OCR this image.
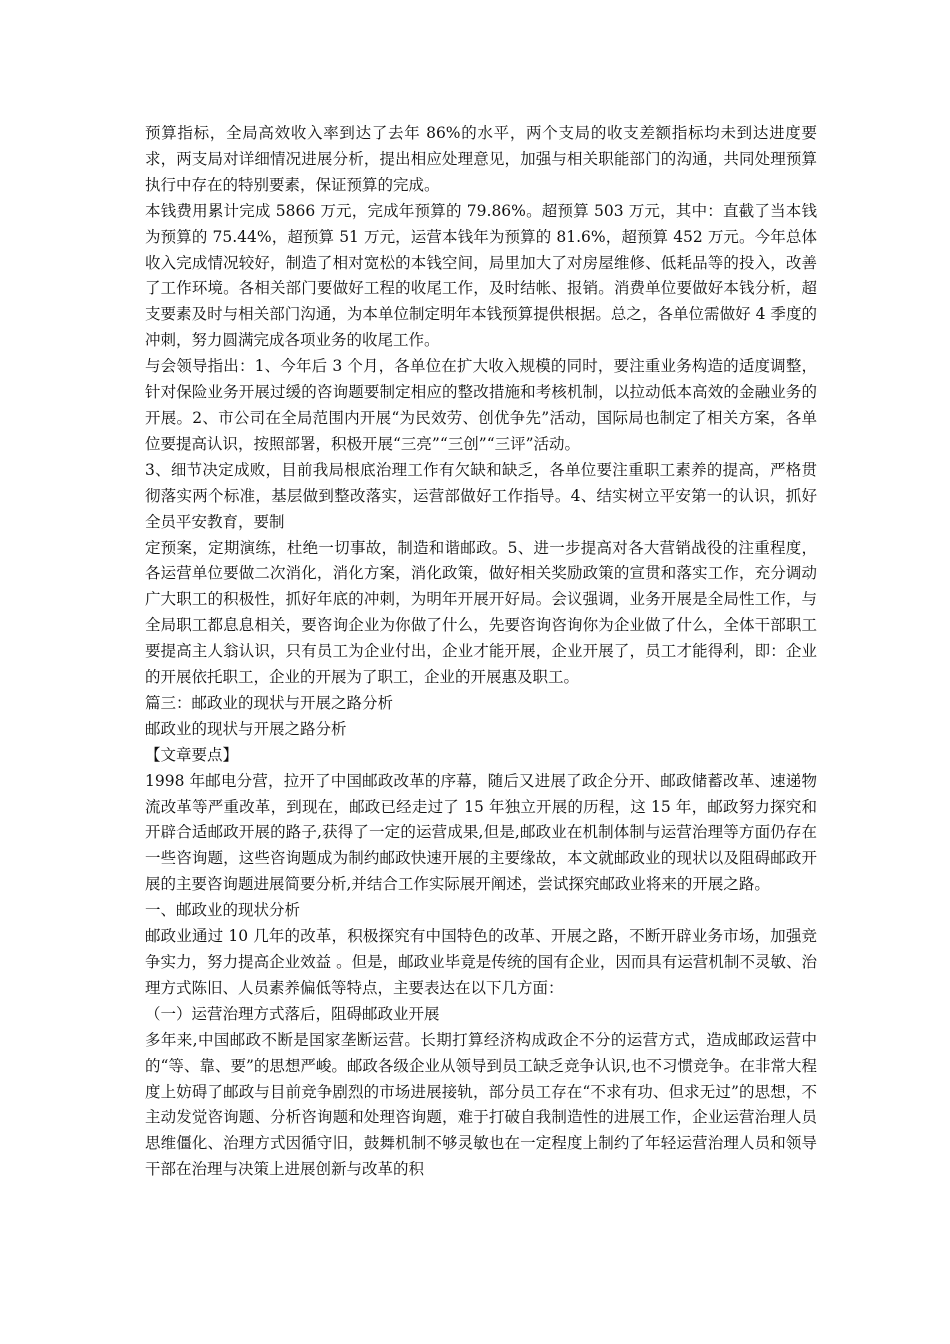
预算指标，全局高效收入率到达了去年 86%的水平，两个支局的收支差额指标均未到达进度要求，两支局对详细情况进展分析，提出相应处理意见，加强与相关职能部门的沟通，共同处理预算执行中存在的特别要素，保证预算的完成。

本钱费用累计完成 5866 万元，完成年预算的 79.86%。超预算 503 万元，其中：直截了当本钱为预算的 75.44%，超预算 51 万元，运营本钱年为预算的 81.6%，超预算 452 万元。今年总体收入完成情况较好，制造了相对宽松的本钱空间，局里加大了对房屋维修、低耗品等的投入，改善了工作环境。各相关部门要做好工程的收尾工作，及时结帐、报销。消费单位要做好本钱分析，超支要素及时与相关部门沟通，为本单位制定明年本钱预算提供根据。总之，各单位需做好 4 季度的冲刺，努力圆满完成各项业务的收尾工作。

与会领导指出：1、今年后 3 个月，各单位在扩大收入规模的同时，要注重业务构造的适度调整，针对保险业务开展过缓的咨询题要制定相应的整改措施和考核机制，以拉动低本高效的金融业务的开展。2、市公司在全局范围内开展“为民效劳、创优争先”活动，国际局也制定了相关方案，各单位要提高认识，按照部署，积极开展“三亮”“三创”“三评”活动。

3、细节决定成败，目前我局根底治理工作有欠缺和缺乏，各单位要注重职工素养的提高，严格贯彻落实两个标准，基层做到整改落实，运营部做好工作指导。4、结实树立平安第一的认识，抓好全员平安教育，要制

定预案，定期演练，杜绝一切事故，制造和谐邮政。5、进一步提高对各大营销战役的注重程度，各运营单位要做二次消化，消化方案，消化政策，做好相关奖励政策的宣贯和落实工作，充分调动广大职工的积极性，抓好年底的冲刺，为明年开展开好局。会议强调，业务开展是全局性工作，与全局职工都息息相关，要咨询企业为你做了什么，先要咨询咨询你为企业做了什么，全体干部职工要提高主人翁认识，只有员工为企业付出，企业才能开展，企业开展了，员工才能得利，即：企业的开展依托职工，企业的开展为了职工，企业的开展惠及职工。

篇三：邮政业的现状与开展之路分析

邮政业的现状与开展之路分析

【文章要点】

1998 年邮电分营，拉开了中国邮政改革的序幕，随后又进展了政企分开、邮政储蓄改革、速递物流改革等严重改革，到现在，邮政已经走过了 15 年独立开展的历程，这 15 年，邮政努力探究和开辟合适邮政开展的路子,获得了一定的运营成果,但是,邮政业在机制体制与运营治理等方面仍存在一些咨询题，这些咨询题成为制约邮政快速开展的主要缘故，本文就邮政业的现状以及阻碍邮政开展的主要咨询题进展简要分析,并结合工作实际展开阐述，尝试探究邮政业将来的开展之路。

一、邮政业的现状分析

邮政业通过 10 几年的改革，积极探究有中国特色的改革、开展之路，不断开辟业务市场，加强竞争实力，努力提高企业效益 。但是，邮政业毕竟是传统的国有企业，因而具有运营机制不灵敏、治理方式陈旧、人员素养偏低等特点，主要表达在以下几方面：

（一）运营治理方式落后，阻碍邮政业开展

多年来,中国邮政不断是国家垄断运营。长期打算经济构成政企不分的运营方式，造成邮政运营中的“等、靠、要”的思想严峻。邮政各级企业从领导到员工缺乏竞争认识,也不习惯竞争。在非常大程度上妨碍了邮政与目前竞争剧烈的市场进展接轨，部分员工存在“不求有功、但求无过”的思想，不主动发觉咨询题、分析咨询题和处理咨询题，难于打破自我制造性的进展工作，企业运营治理人员思维僵化、治理方式因循守旧，鼓舞机制不够灵敏也在一定程度上制约了年轻运营治理人员和领导干部在治理与决策上进展创新与改革的积
